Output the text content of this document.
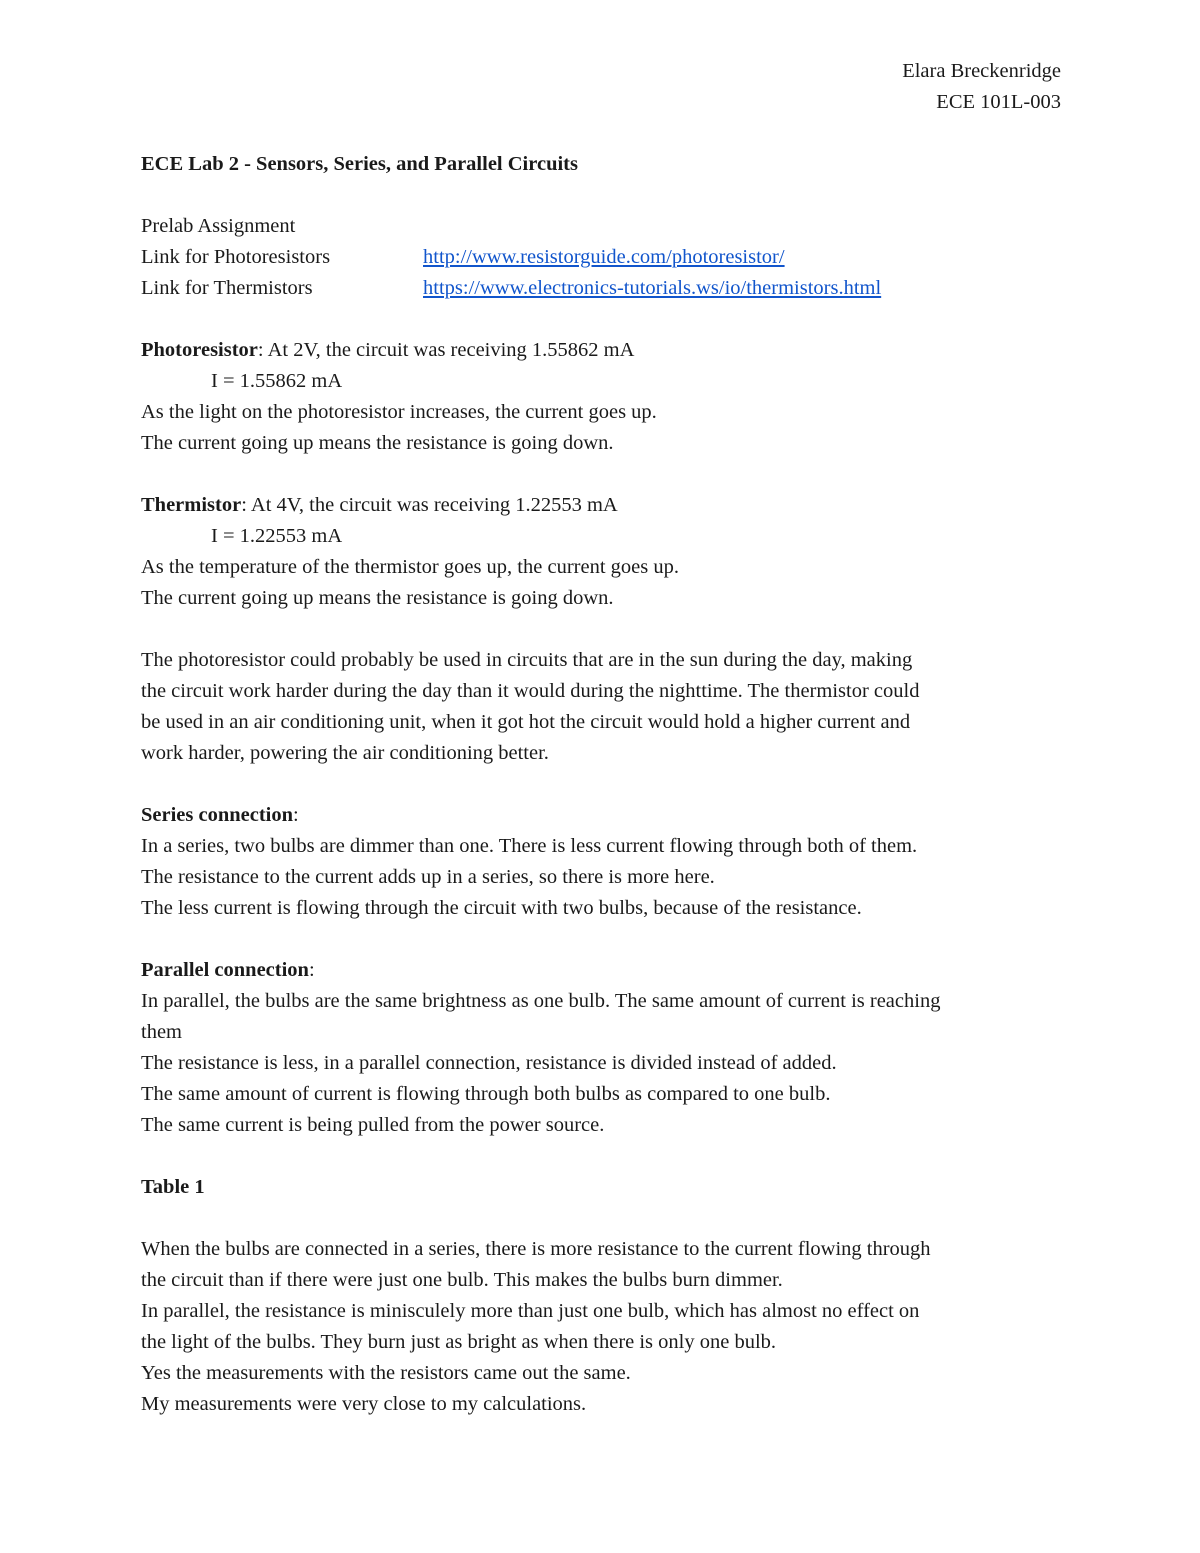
Elara Breckenridge
ECE 101L-003
ECE Lab 2 - Sensors, Series, and Parallel Circuits
Prelab Assignment
Link for Photoresistors	http://www.resistorguide.com/photoresistor/
Link for Thermistors	https://www.electronics-tutorials.ws/io/thermistors.html
Photoresistor: At 2V, the circuit was receiving 1.55862 mA
I = 1.55862 mA
As the light on the photoresistor increases, the current goes up.
The current going up means the resistance is going down.
Thermistor: At 4V, the circuit was receiving 1.22553 mA
I = 1.22553 mA
As the temperature of the thermistor goes up, the current goes up.
The current going up means the resistance is going down.
The photoresistor could probably be used in circuits that are in the sun during the day, making
the circuit work harder during the day than it would during the nighttime. The thermistor could
be used in an air conditioning unit, when it got hot the circuit would hold a higher current and
work harder, powering the air conditioning better.
Series connection:
In a series, two bulbs are dimmer than one. There is less current flowing through both of them.
The resistance to the current adds up in a series, so there is more here.
The less current is flowing through the circuit with two bulbs, because of the resistance.
Parallel connection:
In parallel, the bulbs are the same brightness as one bulb. The same amount of current is reaching
them
The resistance is less, in a parallel connection, resistance is divided instead of added.
The same amount of current is flowing through both bulbs as compared to one bulb.
The same current is being pulled from the power source.
Table 1
When the bulbs are connected in a series, there is more resistance to the current flowing through
the circuit than if there were just one bulb. This makes the bulbs burn dimmer.
In parallel, the resistance is minisculely more than just one bulb, which has almost no effect on
the light of the bulbs. They burn just as bright as when there is only one bulb.
Yes the measurements with the resistors came out the same.
My measurements were very close to my calculations.
